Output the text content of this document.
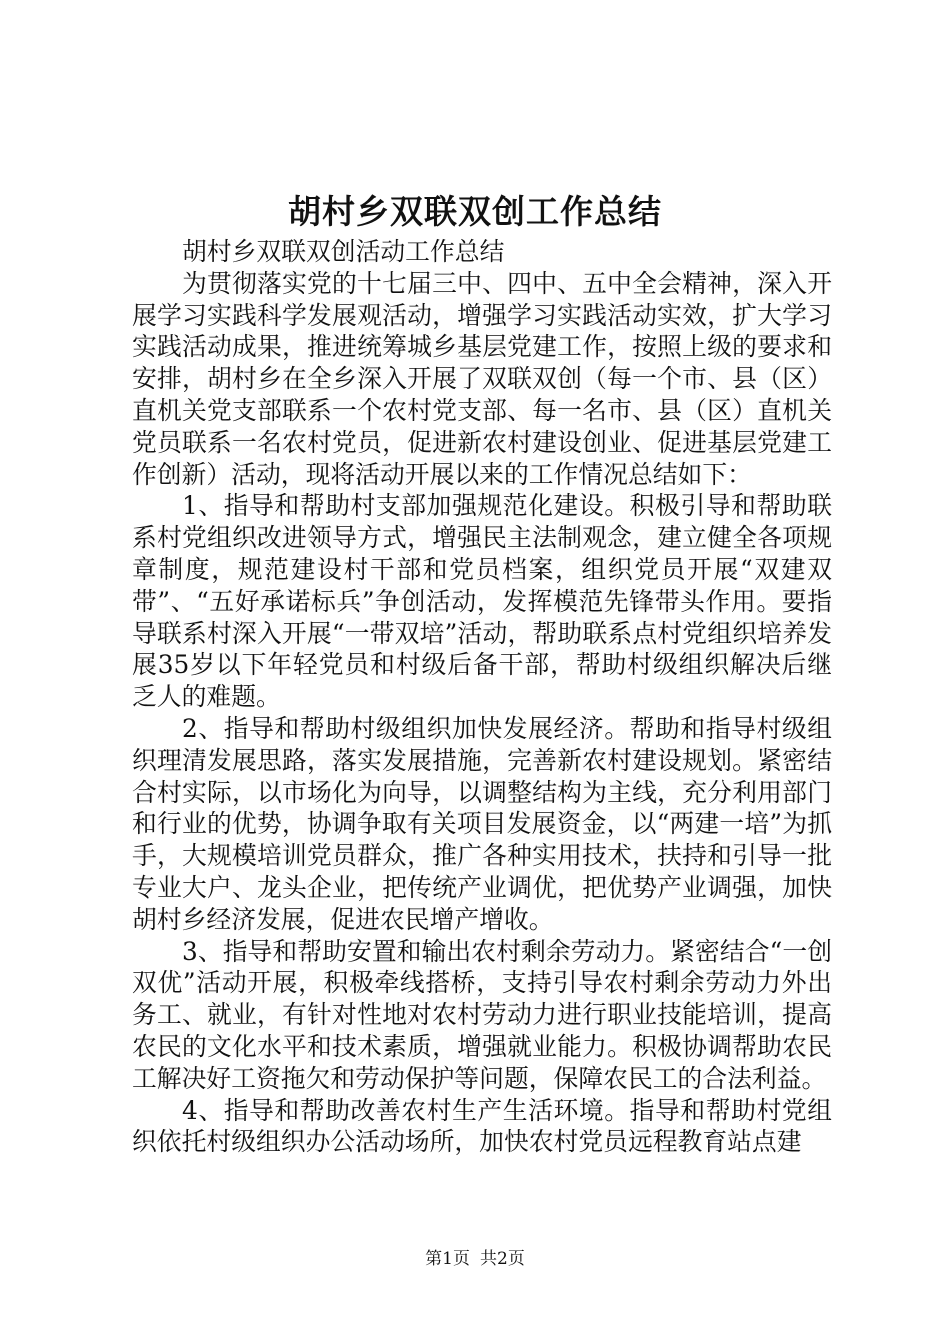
胡村乡双联双创工作总结

胡村乡双联双创活动工作总结

为贯彻落实党的十七届三中、四中、五中全会精神，深入开展学习实践科学发展观活动，增强学习实践活动实效，扩大学习实践活动成果，推进统筹城乡基层党建工作，按照上级的要求和安排，胡村乡在全乡深入开展了双联双创（每一个市、县（区）直机关党支部联系一个农村党支部、每一名市、县（区）直机关党员联系一名农村党员，促进新农村建设创业、促进基层党建工作创新）活动，现将活动开展以来的工作情况总结如下：

1、指导和帮助村支部加强规范化建设。积极引导和帮助联系村党组织改进领导方式，增强民主法制观念，建立健全各项规章制度，规范建设村干部和党员档案，组织党员开展“双建双带”、“五好承诺标兵”争创活动，发挥模范先锋带头作用。要指导联系村深入开展“一带双培”活动，帮助联系点村党组织培养发展35岁以下年轻党员和村级后备干部，帮助村级组织解决后继乏人的难题。

2、指导和帮助村级组织加快发展经济。帮助和指导村级组织理清发展思路，落实发展措施，完善新农村建设规划。紧密结合村实际，以市场化为向导，以调整结构为主线，充分利用部门和行业的优势，协调争取有关项目发展资金，以“两建一培”为抓手，大规模培训党员群众，推广各种实用技术，扶持和引导一批专业大户、龙头企业，把传统产业调优，把优势产业调强，加快胡村乡经济发展，促进农民增产增收。

3、指导和帮助安置和输出农村剩余劳动力。紧密结合“一创双优”活动开展，积极牵线搭桥，支持引导农村剩余劳动力外出务工、就业，有针对性地对农村劳动力进行职业技能培训，提高农民的文化水平和技术素质，增强就业能力。积极协调帮助农民工解决好工资拖欠和劳动保护等问题，保障农民工的合法利益。

4、指导和帮助改善农村生产生活环境。指导和帮助村党组织依托村级组织办公活动场所，加快农村党员远程教育站点建

第1页 共2页
